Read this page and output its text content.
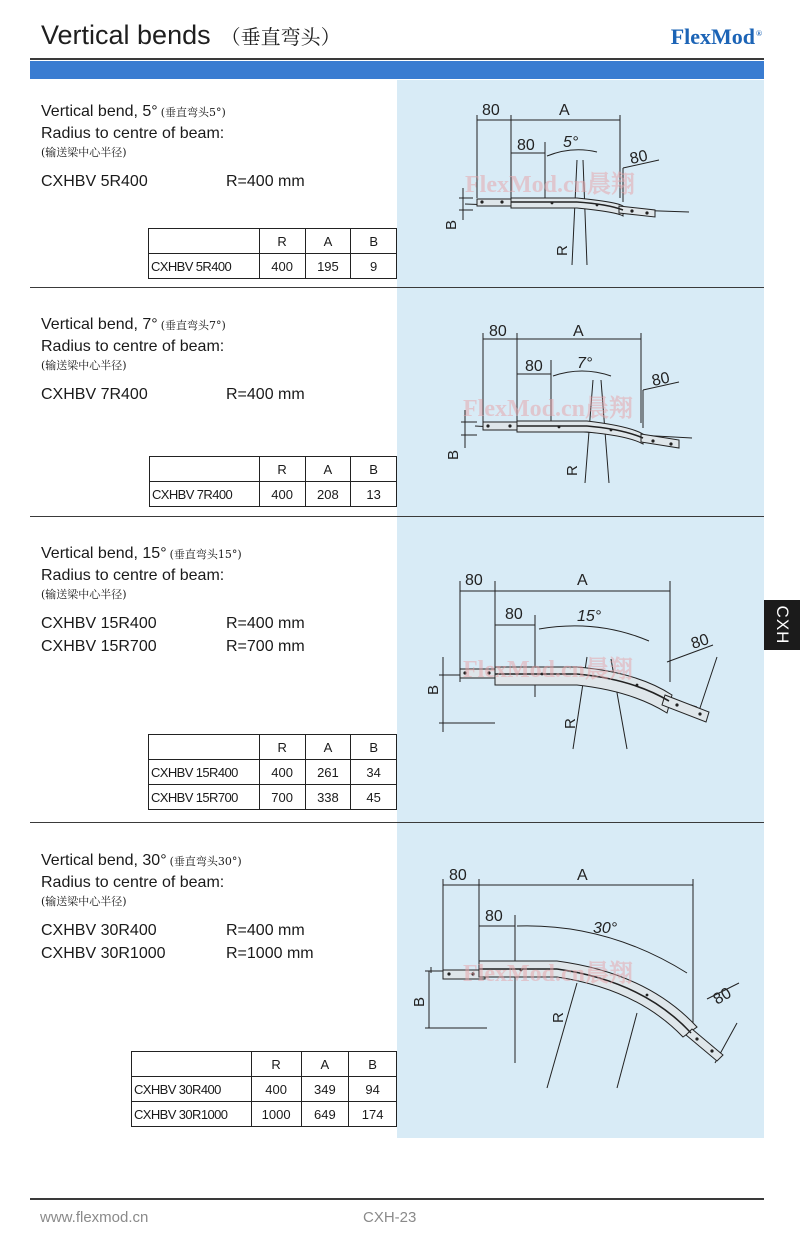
Vertical bends （垂直弯头）	FlexMod®
80	A
80 5°
80
B
R
FlexMod.cn晨翔
Vertical bend, 5° (垂直弯头5°)
Radius to centre of beam:
(输送梁中心半径)
CXHBV 5R400	R=400 mm
	R	A	B
CXHBV 5R400	400	195	9
80	A
80 7°
80
B
R
FlexMod.cn晨翔
Vertical bend, 7° (垂直弯头7°)
Radius to centre of beam:
(输送梁中心半径)
CXHBV 7R400	R=400 mm
	R	A	B
CXHBV 7R400	400	208	13
80	A
80	15°
80
B
R
FlexMod.cn晨翔
Vertical bend, 15° (垂直弯头15°)
Radius to centre of beam:
(输送梁中心半径)
CXHBV 15R400	R=400 mm
CXHBV 15R700	R=700 mm
	R	A	B
CXHBV 15R400	400	261	34
CXHBV 15R700	700	338	45
80	A
80
30°
80
B
R
FlexMod.cn晨翔
Vertical bend, 30° (垂直弯头30°)
Radius to centre of beam:
(输送梁中心半径)
CXHBV 30R400	R=400 mm
CXHBV 30R1000	R=1000 mm
	R	A	B
CXHBV 30R400	400	349	94
CXHBV 30R1000	1000	649	174
CXH
www.flexmod.cn	CXH-23
